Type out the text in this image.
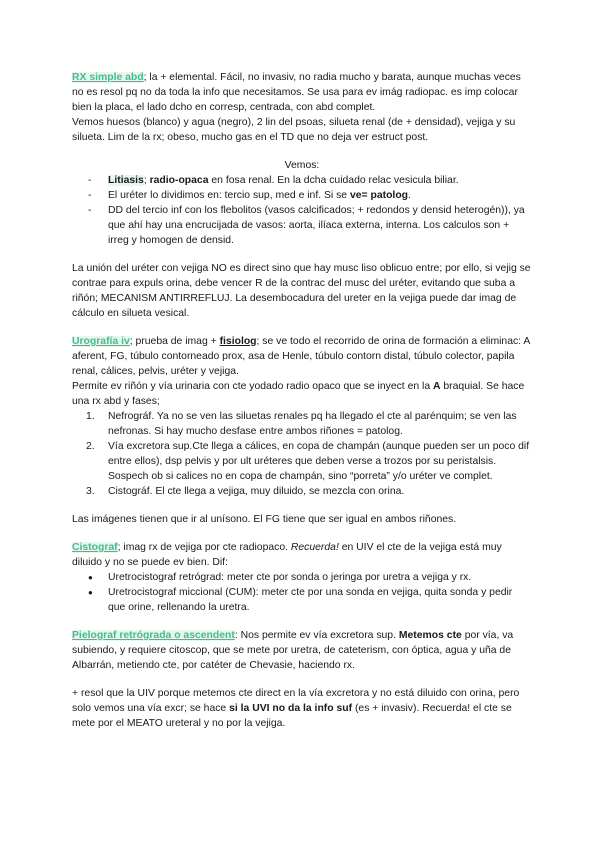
RX simple abd; la + elemental. Fácil, no invasiv, no radia mucho y barata, aunque muchas veces no es resol pq no da toda la info que necesitamos. Se usa para ev imág radiopac. es imp colocar bien la placa, el lado dcho en corresp, centrada, con abd complet.

Vemos huesos (blanco) y agua (negro), 2 lin del psoas, silueta renal (de + densidad), vejiga y su silueta. Lim de la rx; obeso, mucho gas en el TD que no deja ver estruct post.

Vemos:

- Litiasis; radio-opaca en fosa renal. En la dcha cuidado relac vesicula biliar.
- El uréter lo dividimos en: tercio sup, med e inf. Si se ve= patolog.
- DD del tercio inf con los flebolitos (vasos calcificados; + redondos y densid heterogén)), ya que ahí hay una encrucijada de vasos: aorta, ilíaca externa, interna. Los calculos son + irreg y homogen de densid.

La unión del uréter con vejiga NO es direct sino que hay musc liso oblicuo entre; por ello, si vejig se contrae para expuls orina, debe vencer R de la contrac del musc del uréter, evitando que suba a riñón; MECANISM ANTIRREFLUJ. La desembocadura del ureter en la vejiga puede dar imag de cálculo en silueta vesical.

Urografía iv; prueba de imag + fisiolog; se ve todo el recorrido de orina de formación a eliminac: A aferent, FG, túbulo contorneado prox, asa de Henle, túbulo contorn distal, túbulo colector, papila renal, cálices, pelvis, uréter y vejiga.

Permite ev riñón y vía urinaria con cte yodado radio opaco que se inyect en la A braquial. Se hace una rx abd y fases;

1. Nefrográf. Ya no se ven las siluetas renales pq ha llegado el cte al parénquim; se ven las nefronas. Si hay mucho desfase entre ambos riñones = patolog.
2. Vía excretora sup.Cte llega a cálices, en copa de champán (aunque pueden ser un poco dif entre ellos), dsp pelvis y por ult uréteres que deben verse a trozos por su peristalsis. Sospech ob si calices no en copa de champán, sino “porreta” y/o uréter ve complet.
3. Cistográf. El cte llega a vejiga, muy diluido, se mezcla con orina.

Las imágenes tienen que ir al unísono. El FG tiene que ser igual en ambos riñones.

Cistograf; imag rx de vejiga por cte radiopaco. Recuerda! en UIV el cte de la vejiga está muy diluido y no se puede ev bien. Dif:

● Uretrocistograf retrógrad: meter cte por sonda o jeringa por uretra a vejiga y rx.
● Uretrocistograf miccional (CUM): meter cte por una sonda en vejiga, quita sonda y pedir que orine, rellenando la uretra.

Pielograf retrógrada o ascendent: Nos permite ev vía excretora sup. Metemos cte por vía, va subiendo, y requiere citoscop, que se mete por uretra, de cateterism, con óptica, agua y uña de Albarrán, metiendo cte, por catéter de Chevasie, haciendo rx.

+ resol que la UIV porque metemos cte direct en la vía excretora y no está diluido con orina, pero solo vemos una vía excr; se hace si la UVI no da la info suf (es + invasiv). Recuerda! el cte se mete por el MEATO ureteral y no por la vejiga.
